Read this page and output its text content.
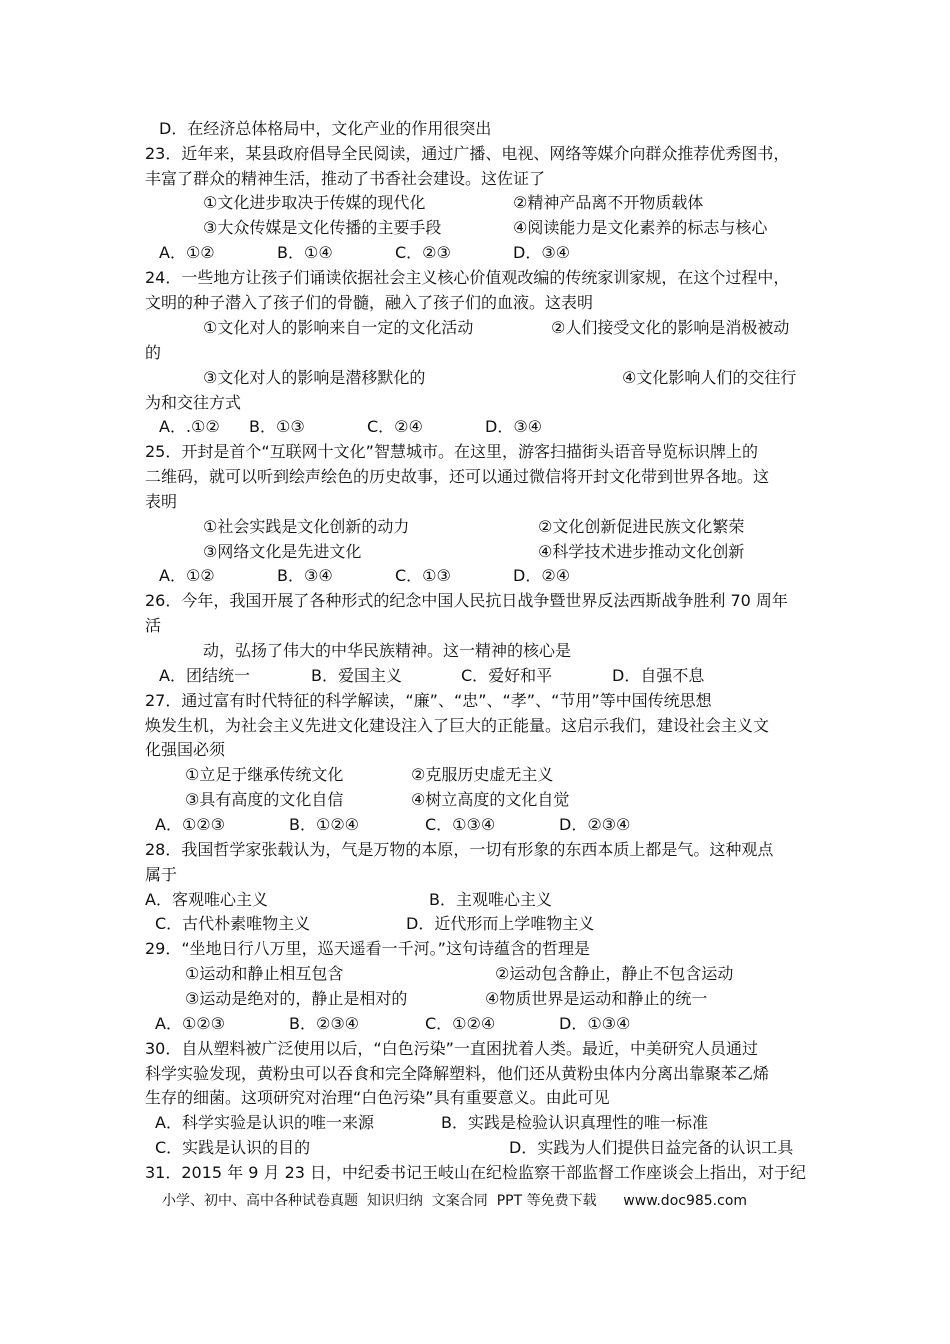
D．在经济总体格局中，文化产业的作用很突出
23．近年来，某县政府倡导全民阅读，通过广播、电视、网络等媒介向群众推荐优秀图书，
丰富了群众的精神生活，推动了书香社会建设。这佐证了
①文化进步取决于传媒的现代化	②精神产品离不开物质载体
③大众传媒是文化传播的主要手段	④阅读能力是文化素养的标志与核心
A．①②	B．①④	C．②③	D．③④
24．一些地方让孩子们诵读依据社会主义核心价值观改编的传统家训家规，在这个过程中，
文明的种子潜入了孩子们的骨髓，融入了孩子们的血液。这表明
①文化对人的影响来自一定的文化活动	②人们接受文化的影响是消极被动
的
③文化对人的影响是潜移默化的	④文化影响人们的交往行
为和交往方式
A．.①② B．①③	C．②④	D．③④
25．开封是首个“互联网十文化”智慧城市。在这里，游客扫描街头语音导览标识牌上的
二维码，就可以听到绘声绘色的历史故事，还可以通过微信将开封文化带到世界各地。这
表明
①社会实践是文化创新的动力	②文化创新促进民族文化繁荣
③网络文化是先进文化	④科学技术进步推动文化创新
A．①②	B．③④	C．①③	D．②④
26．今年，我国开展了各种形式的纪念中国人民抗日战争暨世界反法西斯战争胜利 70 周年
活
动，弘扬了伟大的中华民族精神。这一精神的核心是
A．团结统一	B．爱国主义	C．爱好和平	D．自强不息
27．通过富有时代特征的科学解读，“廉”、“忠”、“孝”、“节用”等中国传统思想
焕发生机，为社会主义先进文化建设注入了巨大的正能量。这启示我们，建设社会主义文
化强国必须
①立足于继承传统文化	②克服历史虚无主义
③具有高度的文化自信	④树立高度的文化自觉
A．①②③	B．①②④	C．①③④	D．②③④
28．我国哲学家张载认为，气是万物的本原，一切有形象的东西本质上都是气。这种观点
属于
A．客观唯心主义	B．主观唯心主义
C．古代朴素唯物主义	D．近代形而上学唯物主义
29．“坐地日行八万里，巡天遥看一千河。”这句诗蕴含的哲理是
①运动和静止相互包含	②运动包含静止，静止不包含运动
③运动是绝对的，静止是相对的	④物质世界是运动和静止的统一
A．①②③	B．②③④	C．①②④	D．①③④
30．自从塑料被广泛使用以后，“白色污染”一直困扰着人类。最近，中美研究人员通过
科学实验发现，黄粉虫可以吞食和完全降解塑料，他们还从黄粉虫体内分离出靠聚苯乙烯
生存的细菌。这项研究对治理“白色污染”具有重要意义。由此可见
A．科学实验是认识的唯一来源	B．实践是检验认识真理性的唯一标准
C．实践是认识的目的	D．实践为人们提供日益完备的认识工具
31．2015 年 9 月 23 日，中纪委书记王岐山在纪检监察干部监督工作座谈会上指出，对于纪
小学、初中、高中各种试卷真题  知识归纳  文案合同  PPT 等免费下载      www.doc985.com
